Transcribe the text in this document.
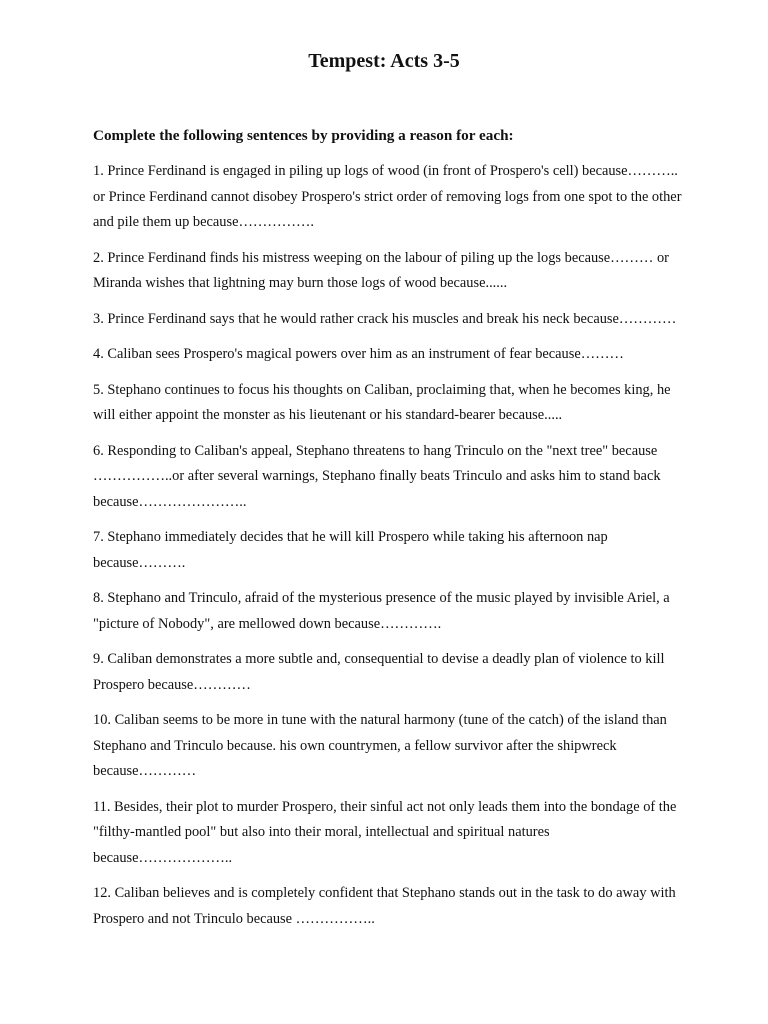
Tempest: Acts 3-5

Complete the following sentences by providing a reason for each:

1. Prince Ferdinand is engaged in piling up logs of wood (in front of Prospero's cell) because……….. or Prince Ferdinand cannot disobey Prospero's strict order of removing logs from one spot to the other and pile them up because…………….

2. Prince Ferdinand finds his mistress weeping on the labour of piling up the logs because……… or Miranda wishes that lightning may burn those logs of wood because......

3. Prince Ferdinand says that he would rather crack his muscles and break his neck because…………

4. Caliban sees Prospero's magical powers over him as an instrument of fear because………

5. Stephano continues to focus his thoughts on Caliban, proclaiming that, when he becomes king, he will either appoint the monster as his lieutenant or his standard-bearer because.....

6. Responding to Caliban's appeal, Stephano threatens to hang Trinculo on the "next tree" because ……………..or after several warnings, Stephano finally beats Trinculo and asks him to stand back because…………………..

7. Stephano immediately decides that he will kill Prospero while taking his afternoon nap because……….

8. Stephano and Trinculo, afraid of the mysterious presence of the music played by invisible Ariel, a "picture of Nobody", are mellowed down because………….

9. Caliban demonstrates a more subtle and, consequential to devise a deadly plan of violence to kill Prospero because…………

10. Caliban seems to be more in tune with the natural harmony (tune of the catch) of the island than Stephano and Trinculo because. his own countrymen, a fellow survivor after the shipwreck because…………

11. Besides, their plot to murder Prospero, their sinful act not only leads them into the bondage of the "filthy-mantled pool" but also into their moral, intellectual and spiritual natures because………………..

12. Caliban believes and is completely confident that Stephano stands out in the task to do away with Prospero and not Trinculo because ……………..
